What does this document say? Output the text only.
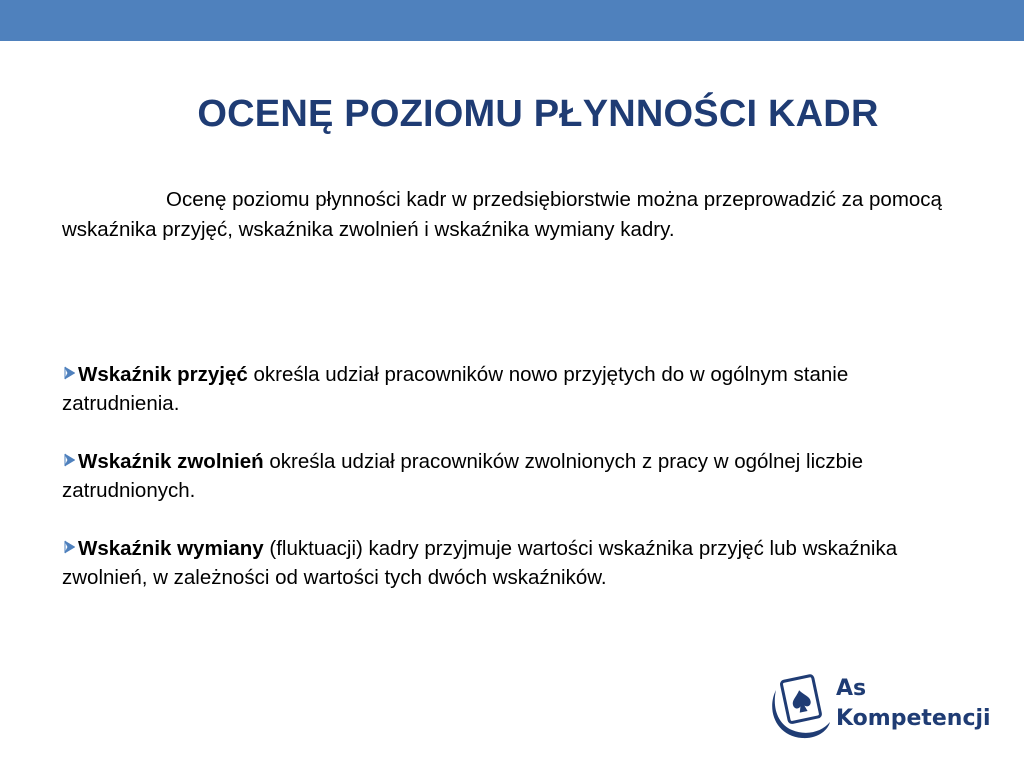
OCENĘ POZIOMU PŁYNNOŚCI KADR

Ocenę poziomu płynności kadr w przedsiębiorstwie można przeprowadzić za pomocą wskaźnika przyjęć, wskaźnika zwolnień i wskaźnika wymiany kadry.

Wskaźnik przyjęć określa udział pracowników nowo przyjętych do w ogólnym stanie zatrudnienia.
Wskaźnik zwolnień określa udział pracowników zwolnionych z pracy w ogólnej liczbie zatrudnionych.
Wskaźnik wymiany (fluktuacji) kadry przyjmuje wartości wskaźnika przyjęć lub wskaźnika zwolnień, w zależności od wartości tych dwóch wskaźników.
As
Kompetencji
